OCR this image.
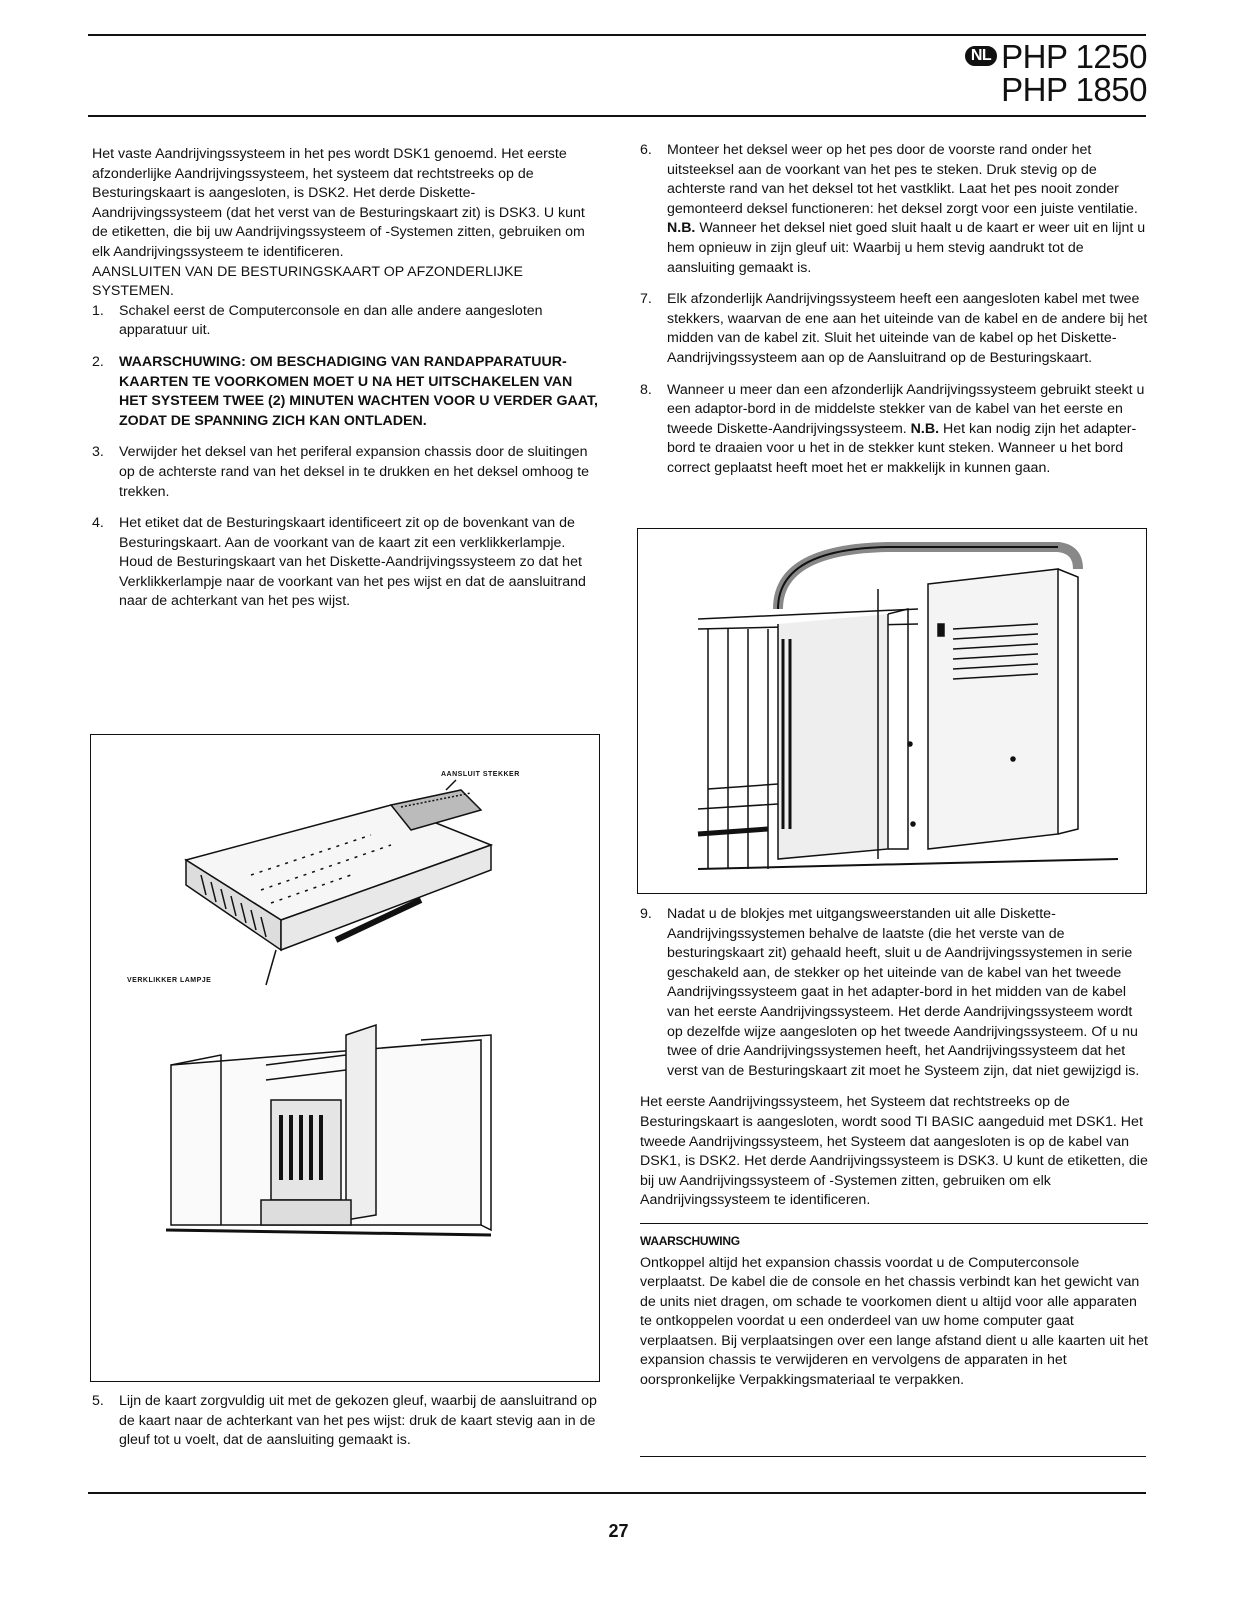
NL PHP 1250
PHP 1850

Het vaste Aandrijvingssysteem in het pes wordt DSK1 genoemd. Het eerste afzonderlijke Aandrijvingssysteem, het systeem dat rechtstreeks op de Besturingskaart is aangesloten, is DSK2. Het derde Diskette-Aandrijvingssysteem (dat het verst van de Besturingskaart zit) is DSK3. U kunt de etiketten, die bij uw Aandrijvingssysteem of -Systemen zitten, gebruiken om elk Aandrijvingssysteem te identificeren.

AANSLUITEN VAN DE BESTURINGSKAART OP AFZONDERLIJKE SYSTEMEN.

1. Schakel eerst de Computerconsole en dan alle andere aangesloten apparatuur uit.
2. WAARSCHUWING: OM BESCHADIGING VAN RANDAPPARATUUR-KAARTEN TE VOORKOMEN MOET U NA HET UITSCHAKELEN VAN HET SYSTEEM TWEE (2) MINUTEN WACHTEN VOOR U VERDER GAAT, ZODAT DE SPANNING ZICH KAN ONTLADEN.
3. Verwijder het deksel van het periferal expansion chassis door de sluitingen op de achterste rand van het deksel in te drukken en het deksel omhoog te trekken.
4. Het etiket dat de Besturingskaart identificeert zit op de bovenkant van de Besturingskaart. Aan de voorkant van de kaart zit een verklikkerlampje. Houd de Besturingskaart van het Diskette-Aandrijvingssysteem zo dat het Verklikkerlampje naar de voorkant van het pes wijst en dat de aansluitrand naar de achterkant van het pes wijst.
AANSLUIT STEKKER
VERKLIKKER LAMPJE
5. Lijn de kaart zorgvuldig uit met de gekozen gleuf, waarbij de aansluitrand op de kaart naar de achterkant van het pes wijst: druk de kaart stevig aan in de gleuf tot u voelt, dat de aansluiting gemaakt is.
6. Monteer het deksel weer op het pes door de voorste rand onder het uitsteeksel aan de voorkant van het pes te steken. Druk stevig op de achterste rand van het deksel tot het vastklikt. Laat het pes nooit zonder gemonteerd deksel functioneren: het deksel zorgt voor een juiste ventilatie. N.B. Wanneer het deksel niet goed sluit haalt u de kaart er weer uit en lijnt u hem opnieuw in zijn gleuf uit: Waarbij u hem stevig aandrukt tot de aansluiting gemaakt is.
7. Elk afzonderlijk Aandrijvingssysteem heeft een aangesloten kabel met twee stekkers, waarvan de ene aan het uiteinde van de kabel en de andere bij het midden van de kabel zit. Sluit het uiteinde van de kabel op het Diskette-Aandrijvingssysteem aan op de Aansluitrand op de Besturingskaart.
8. Wanneer u meer dan een afzonderlijk Aandrijvingssysteem gebruikt steekt u een adaptor-bord in de middelste stekker van de kabel van het eerste en tweede Diskette-Aandrijvingssysteem. N.B. Het kan nodig zijn het adapter-bord te draaien voor u het in de stekker kunt steken. Wanneer u het bord correct geplaatst heeft moet het er makkelijk in kunnen gaan.
9. Nadat u de blokjes met uitgangsweerstanden uit alle Diskette-Aandrijvingssystemen behalve de laatste (die het verste van de besturingskaart zit) gehaald heeft, sluit u de Aandrijvingssystemen in serie geschakeld aan, de stekker op het uiteinde van de kabel van het tweede Aandrijvingssysteem gaat in het adapter-bord in het midden van de kabel van het eerste Aandrijvingssysteem. Het derde Aandrijvingssysteem wordt op dezelfde wijze aangesloten op het tweede Aandrijvingssysteem. Of u nu twee of drie Aandrijvingssystemen heeft, het Aandrijvingssysteem dat het verst van de Besturingskaart zit moet he Systeem zijn, dat niet gewijzigd is.

Het eerste Aandrijvingssysteem, het Systeem dat rechtstreeks op de Besturingskaart is aangesloten, wordt sood TI BASIC aangeduid met DSK1. Het tweede Aandrijvingssysteem, het Systeem dat aangesloten is op de kabel van DSK1, is DSK2. Het derde Aandrijvingssysteem is DSK3. U kunt de etiketten, die bij uw Aandrijvingssysteem of -Systemen zitten, gebruiken om elk Aandrijvingssysteem te identificeren.

WAARSCHUWING

Ontkoppel altijd het expansion chassis voordat u de Computerconsole verplaatst. De kabel die de console en het chassis verbindt kan het gewicht van de units niet dragen, om schade te voorkomen dient u altijd voor alle apparaten te ontkoppelen voordat u een onderdeel van uw home computer gaat verplaatsen. Bij verplaatsingen over een lange afstand dient u alle kaarten uit het expansion chassis te verwijderen en vervolgens de apparaten in het oorspronkelijke Verpakkingsmateriaal te verpakken.

27
